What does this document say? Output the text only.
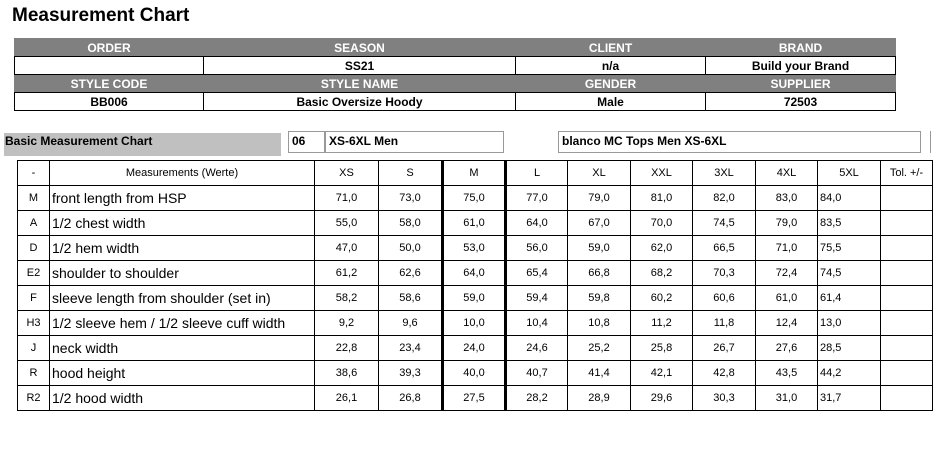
Measurement Chart
ORDER	SEASON	CLIENT	BRAND
	SS21	n/a	Build your Brand
STYLE CODE	STYLE NAME	GENDER	SUPPLIER
BB006	Basic Oversize Hoody	Male	72503
Basic Measurement Chart	06	XS-6XL Men	blanco MC Tops Men XS-6XL
-	Measurements (Werte)	XS	S	M	L	XL	XXL	3XL	4XL	5XL	Tol. +/-
M	front length from HSP	71,0	73,0	75,0	77,0	79,0	81,0	82,0	83,0	84,0	
A	1/2 chest width	55,0	58,0	61,0	64,0	67,0	70,0	74,5	79,0	83,5	
D	1/2 hem width	47,0	50,0	53,0	56,0	59,0	62,0	66,5	71,0	75,5	
E2	shoulder to shoulder	61,2	62,6	64,0	65,4	66,8	68,2	70,3	72,4	74,5	
F	sleeve length from shoulder (set in)	58,2	58,6	59,0	59,4	59,8	60,2	60,6	61,0	61,4	
H3	1/2 sleeve hem / 1/2 sleeve cuff width	9,2	9,6	10,0	10,4	10,8	11,2	11,8	12,4	13,0	
J	neck width	22,8	23,4	24,0	24,6	25,2	25,8	26,7	27,6	28,5	
R	hood height	38,6	39,3	40,0	40,7	41,4	42,1	42,8	43,5	44,2	
R2	1/2 hood width	26,1	26,8	27,5	28,2	28,9	29,6	30,3	31,0	31,7	
